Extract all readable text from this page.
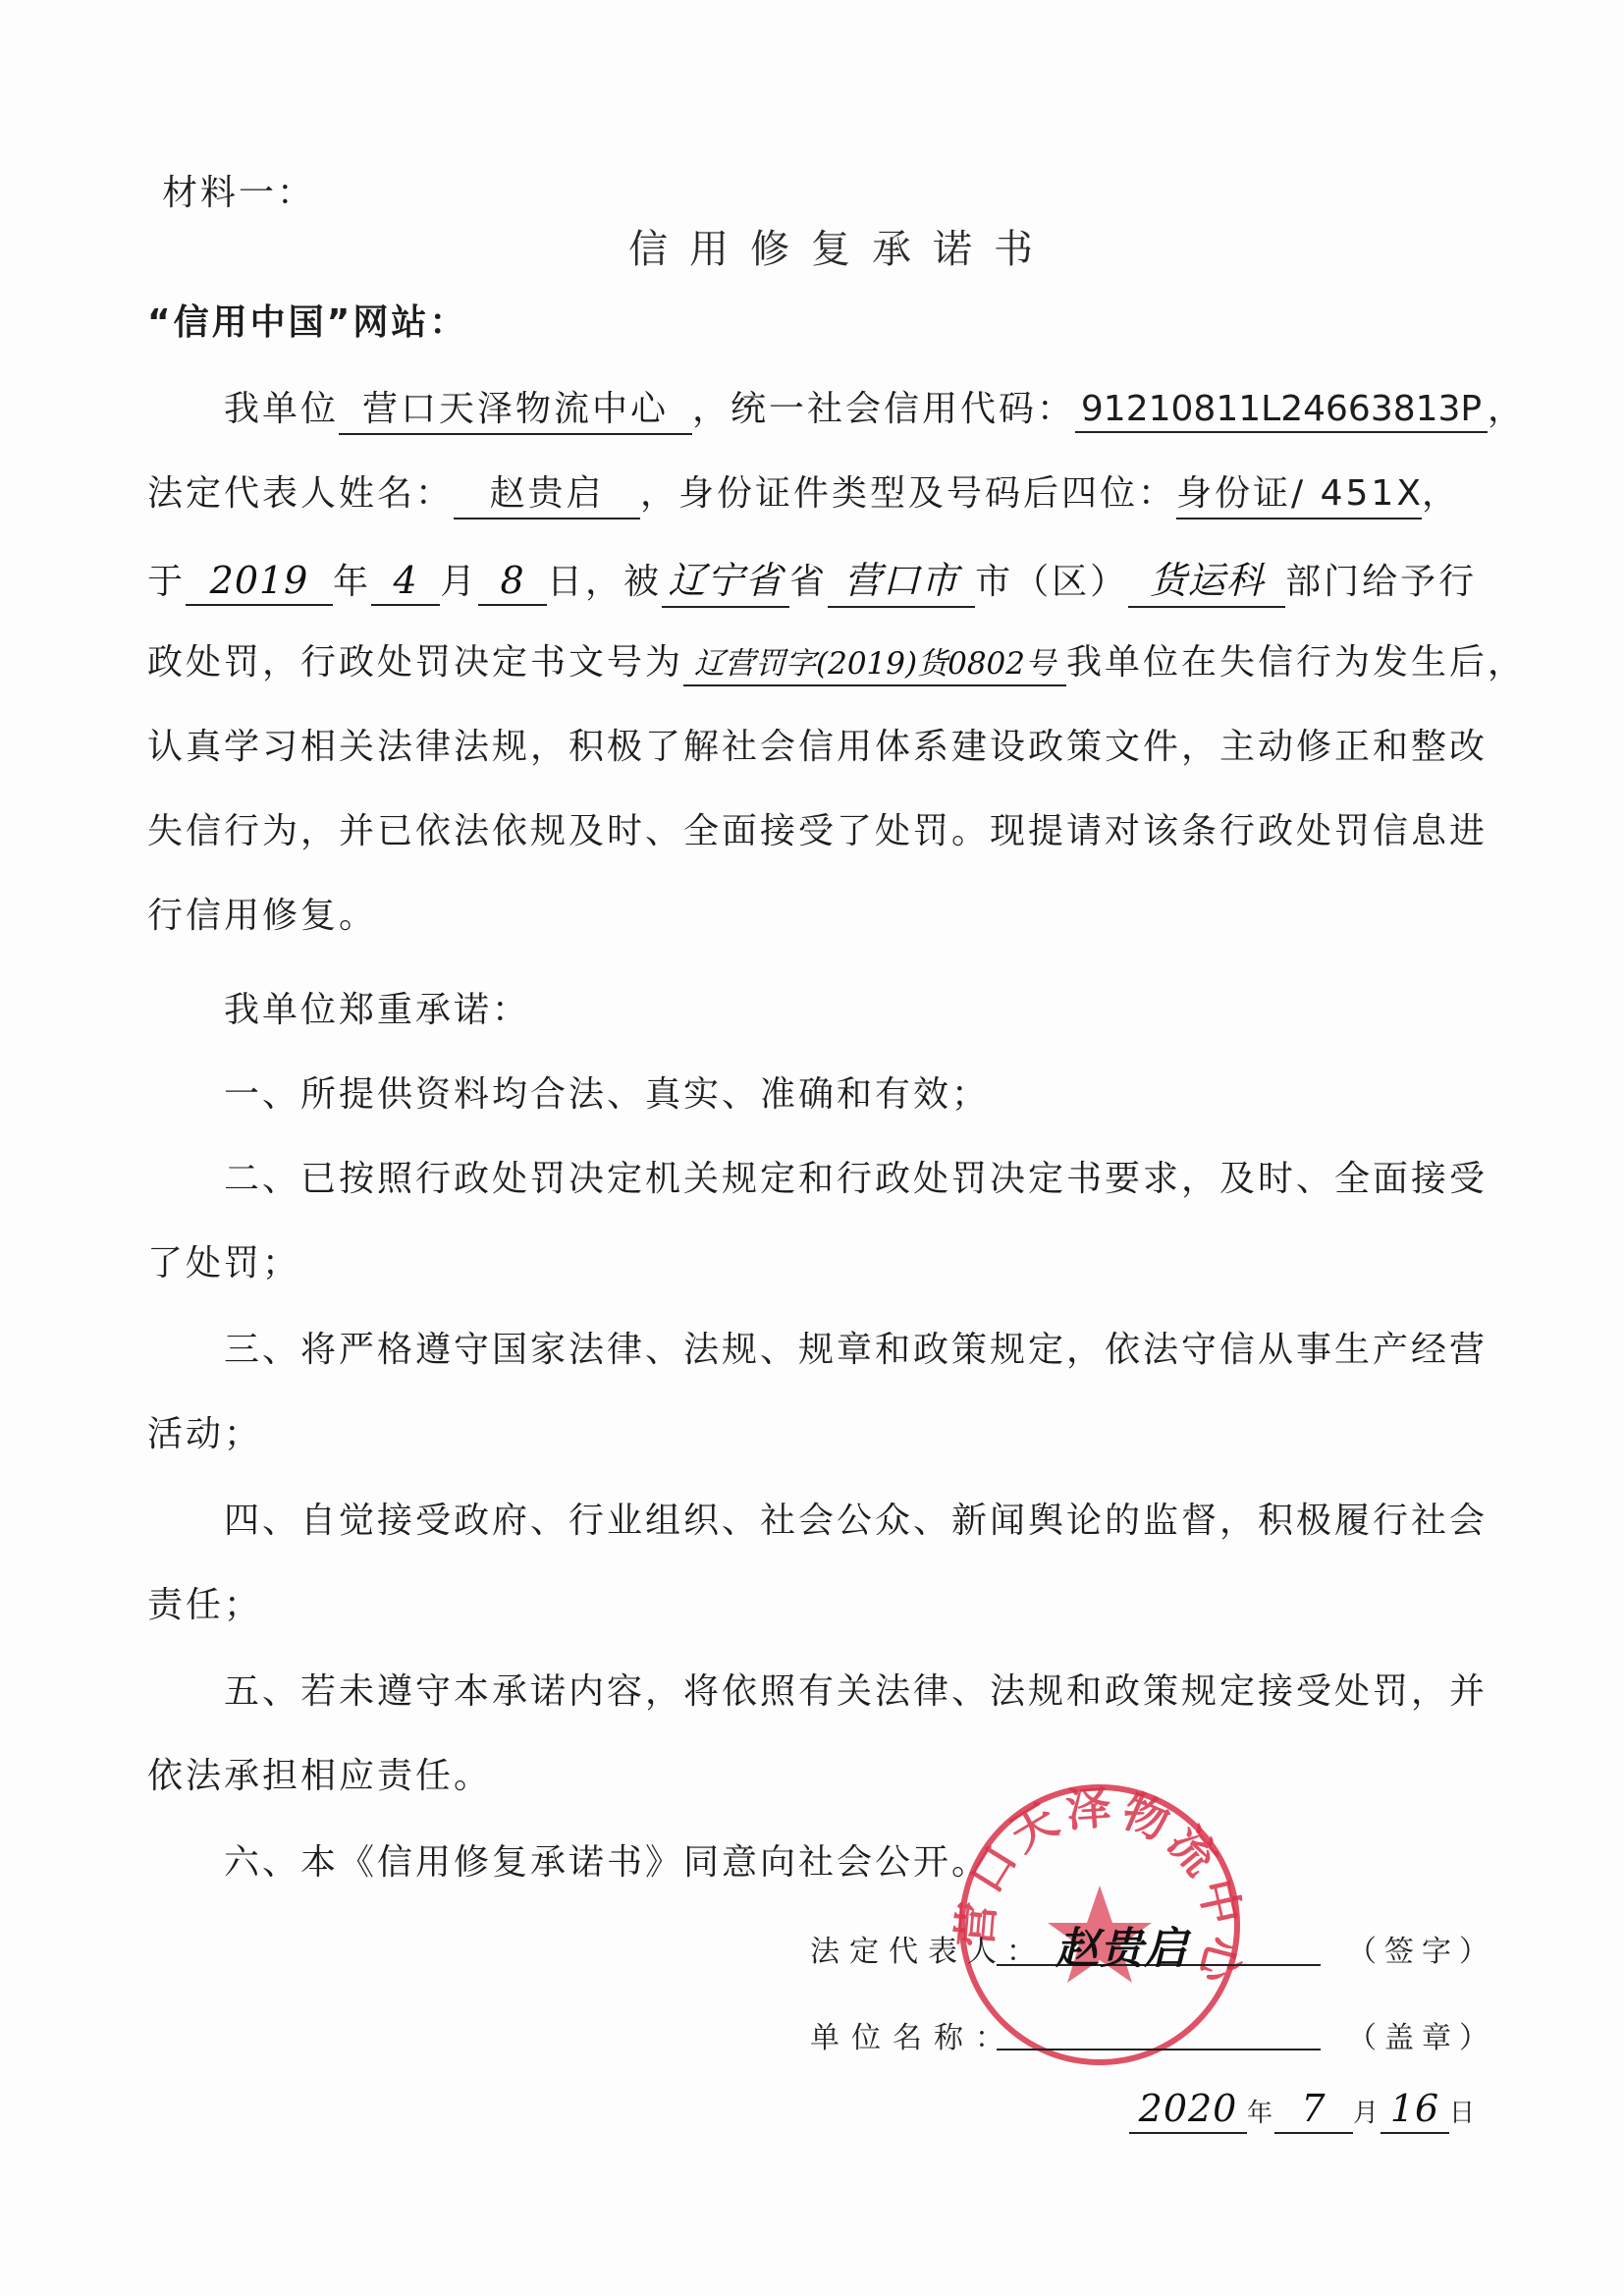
材料一：
信用修复承诺书
“信用中国”网站：
我单位 营口天泽物流中心 ，统一社会信用代码： 91210811L24663813P ，
法定代表人姓名： 赵贵启 ，身份证件类型及号码后四位：身份证/ 451X，
于 2019 年 4 月 8 日，被 辽宁省 省 营口市 市（区） 货运科 部门给予行
政处罚，行政处罚决定书文号为 辽营罚字(2019)货0802号 我单位在失信行为发生后，
认真学习相关法律法规，积极了解社会信用体系建设政策文件，主动修正和整改
失信行为，并已依法依规及时、全面接受了处罚。现提请对该条行政处罚信息进
行信用修复。
我单位郑重承诺：
一、所提供资料均合法、真实、准确和有效；
二、已按照行政处罚决定机关规定和行政处罚决定书要求，及时、全面接受
了处罚；
三、将严格遵守国家法律、法规、规章和政策规定，依法守信从事生产经营
活动；
四、自觉接受政府、行业组织、社会公众、新闻舆论的监督，积极履行社会
责任；
五、若未遵守本承诺内容，将依照有关法律、法规和政策规定接受处罚，并
依法承担相应责任。
六、本《信用修复承诺书》同意向社会公开。
营口天泽物流中心
法定代表人： 赵贵启	（签字）
单位名称：	（盖章）
2020 年 7 月 16 日
